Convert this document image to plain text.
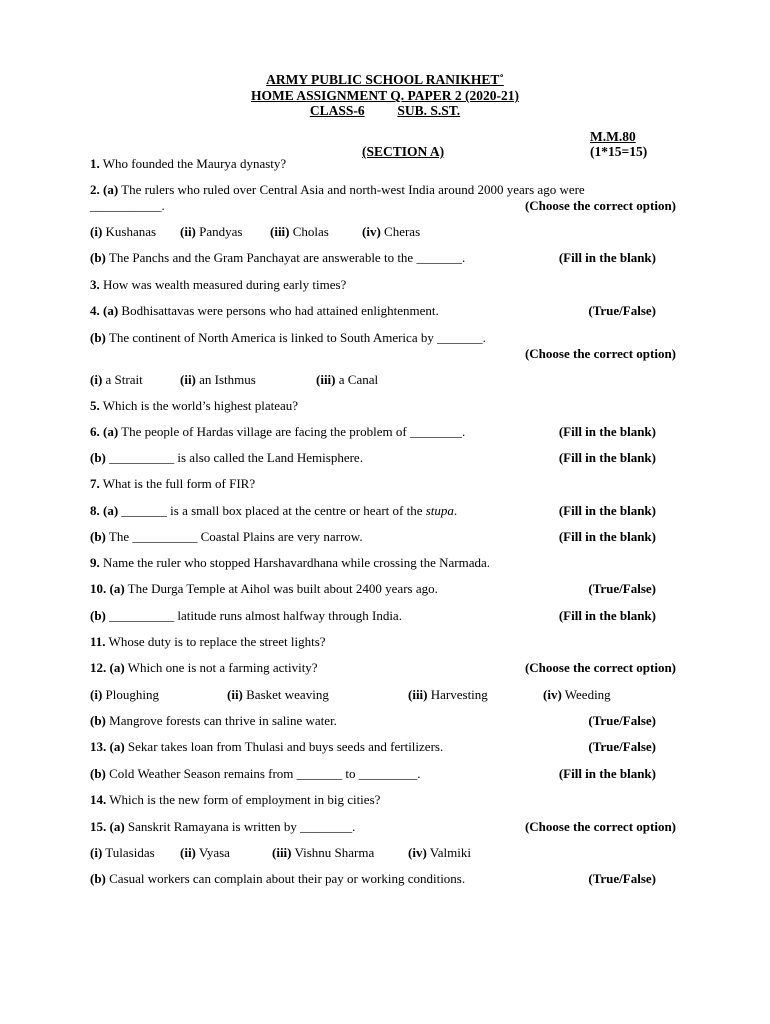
ARMY PUBLIC SCHOOL RANIKHET˚
HOME ASSIGNMENT Q. PAPER 2 (2020-21)
CLASS-6 SUB. S.ST.
M.M.80
(1*15=15)
(SECTION A)
1. Who founded the Maurya dynasty?
2. (a) The rulers who ruled over Central Asia and north-west India around 2000 years ago were
___________.	(Choose the correct option)
(i) Kushanas (ii) Pandyas (iii) Cholas	(iv) Cheras
(b) The Panchs and the Gram Panchayat are answerable to the _______.	(Fill in the blank)
3. How was wealth measured during early times?
4. (a) Bodhisattavas were persons who had attained enlightenment.	(True/False)
(b) The continent of North America is linked to South America by _______.
(Choose the correct option)
(i) a Strait	(ii) an Isthmus	(iii) a Canal
5. Which is the world’s highest plateau?
6. (a) The people of Hardas village are facing the problem of ________.	(Fill in the blank)
(b) __________ is also called the Land Hemisphere.	(Fill in the blank)
7. What is the full form of FIR?
8. (a) _______ is a small box placed at the centre or heart of the stupa.	(Fill in the blank)
(b) The __________ Coastal Plains are very narrow.	(Fill in the blank)
9. Name the ruler who stopped Harshavardhana while crossing the Narmada.
10. (a) The Durga Temple at Aihol was built about 2400 years ago.	(True/False)
(b) __________ latitude runs almost halfway through India.	(Fill in the blank)
11. Whose duty is to replace the street lights?
12. (a) Which one is not a farming activity?	(Choose the correct option)
(i) Ploughing	(ii) Basket weaving	(iii) Harvesting	(iv) Weeding
(b) Mangrove forests can thrive in saline water.	(True/False)
13. (a) Sekar takes loan from Thulasi and buys seeds and fertilizers.	(True/False)
(b) Cold Weather Season remains from _______ to _________.	(Fill in the blank)
14. Which is the new form of employment in big cities?
15. (a) Sanskrit Ramayana is written by ________.	(Choose the correct option)
(i) Tulasidas (ii) Vyasa	(iii) Vishnu Sharma	(iv) Valmiki
(b) Casual workers can complain about their pay or working conditions.	(True/False)
